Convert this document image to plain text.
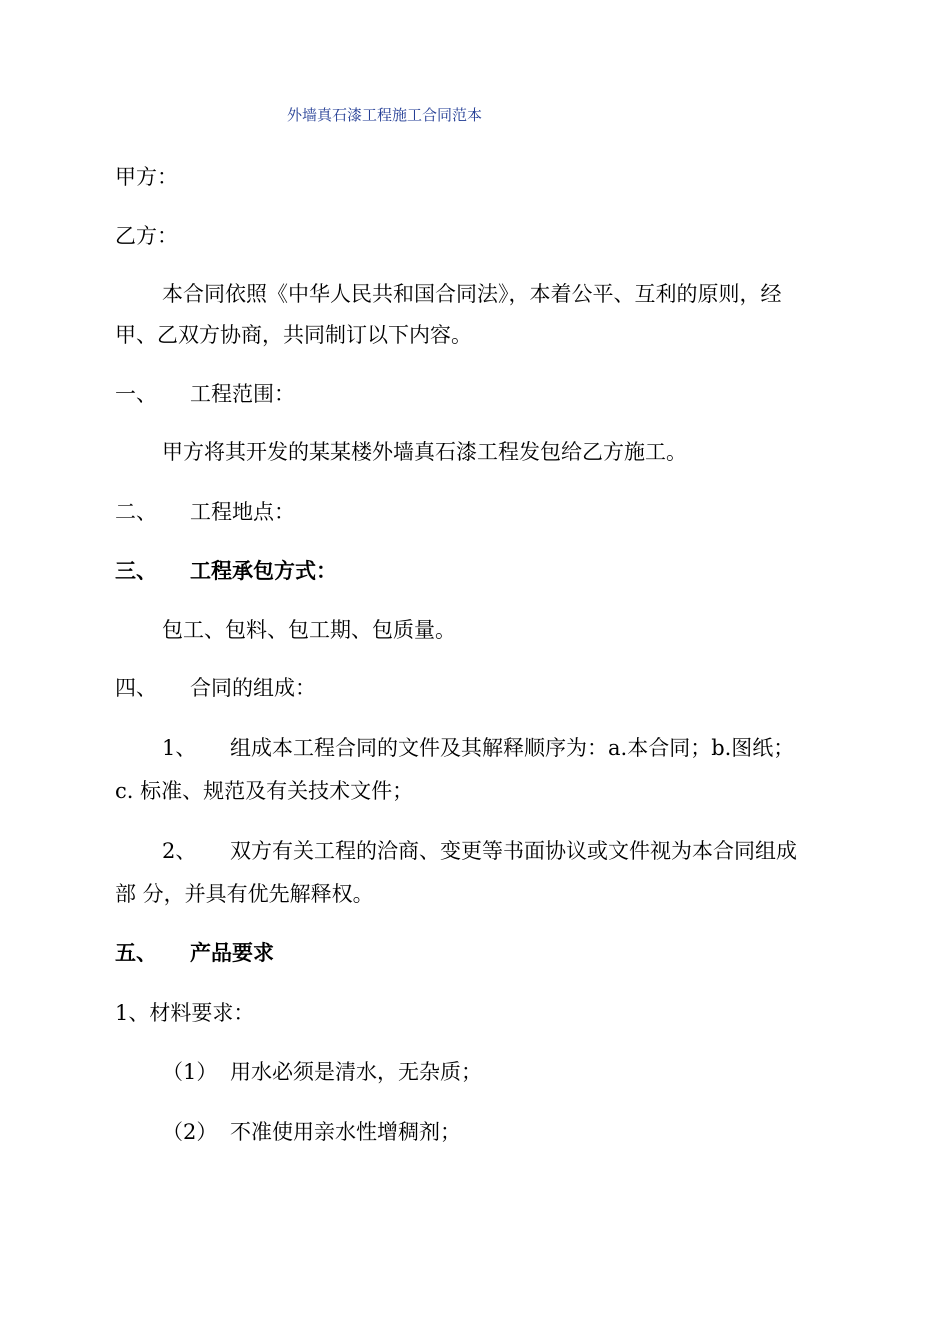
外墙真石漆工程施工合同范本
甲方：
乙方：
本合同依照《中华人民共和国合同法》，本着公平、互利的原则，经
甲、乙双方协商，共同制订以下内容。
一、 工程范围：
甲方将其开发的某某楼外墙真石漆工程发包给乙方施工。
二、 工程地点：
三、 工程承包方式：
包工、包料、包工期、包质量。
四、 合同的组成：
1、 组成本工程合同的文件及其解释顺序为：a.本合同；b.图纸；
c. 标准、规范及有关技术文件；
2、 双方有关工程的洽商、变更等书面协议或文件视为本合同组成
部 分，并具有优先解释权。
五、 产品要求
1、材料要求：
（1） 用水必须是清水，无杂质；
（2） 不准使用亲水性增稠剂；
